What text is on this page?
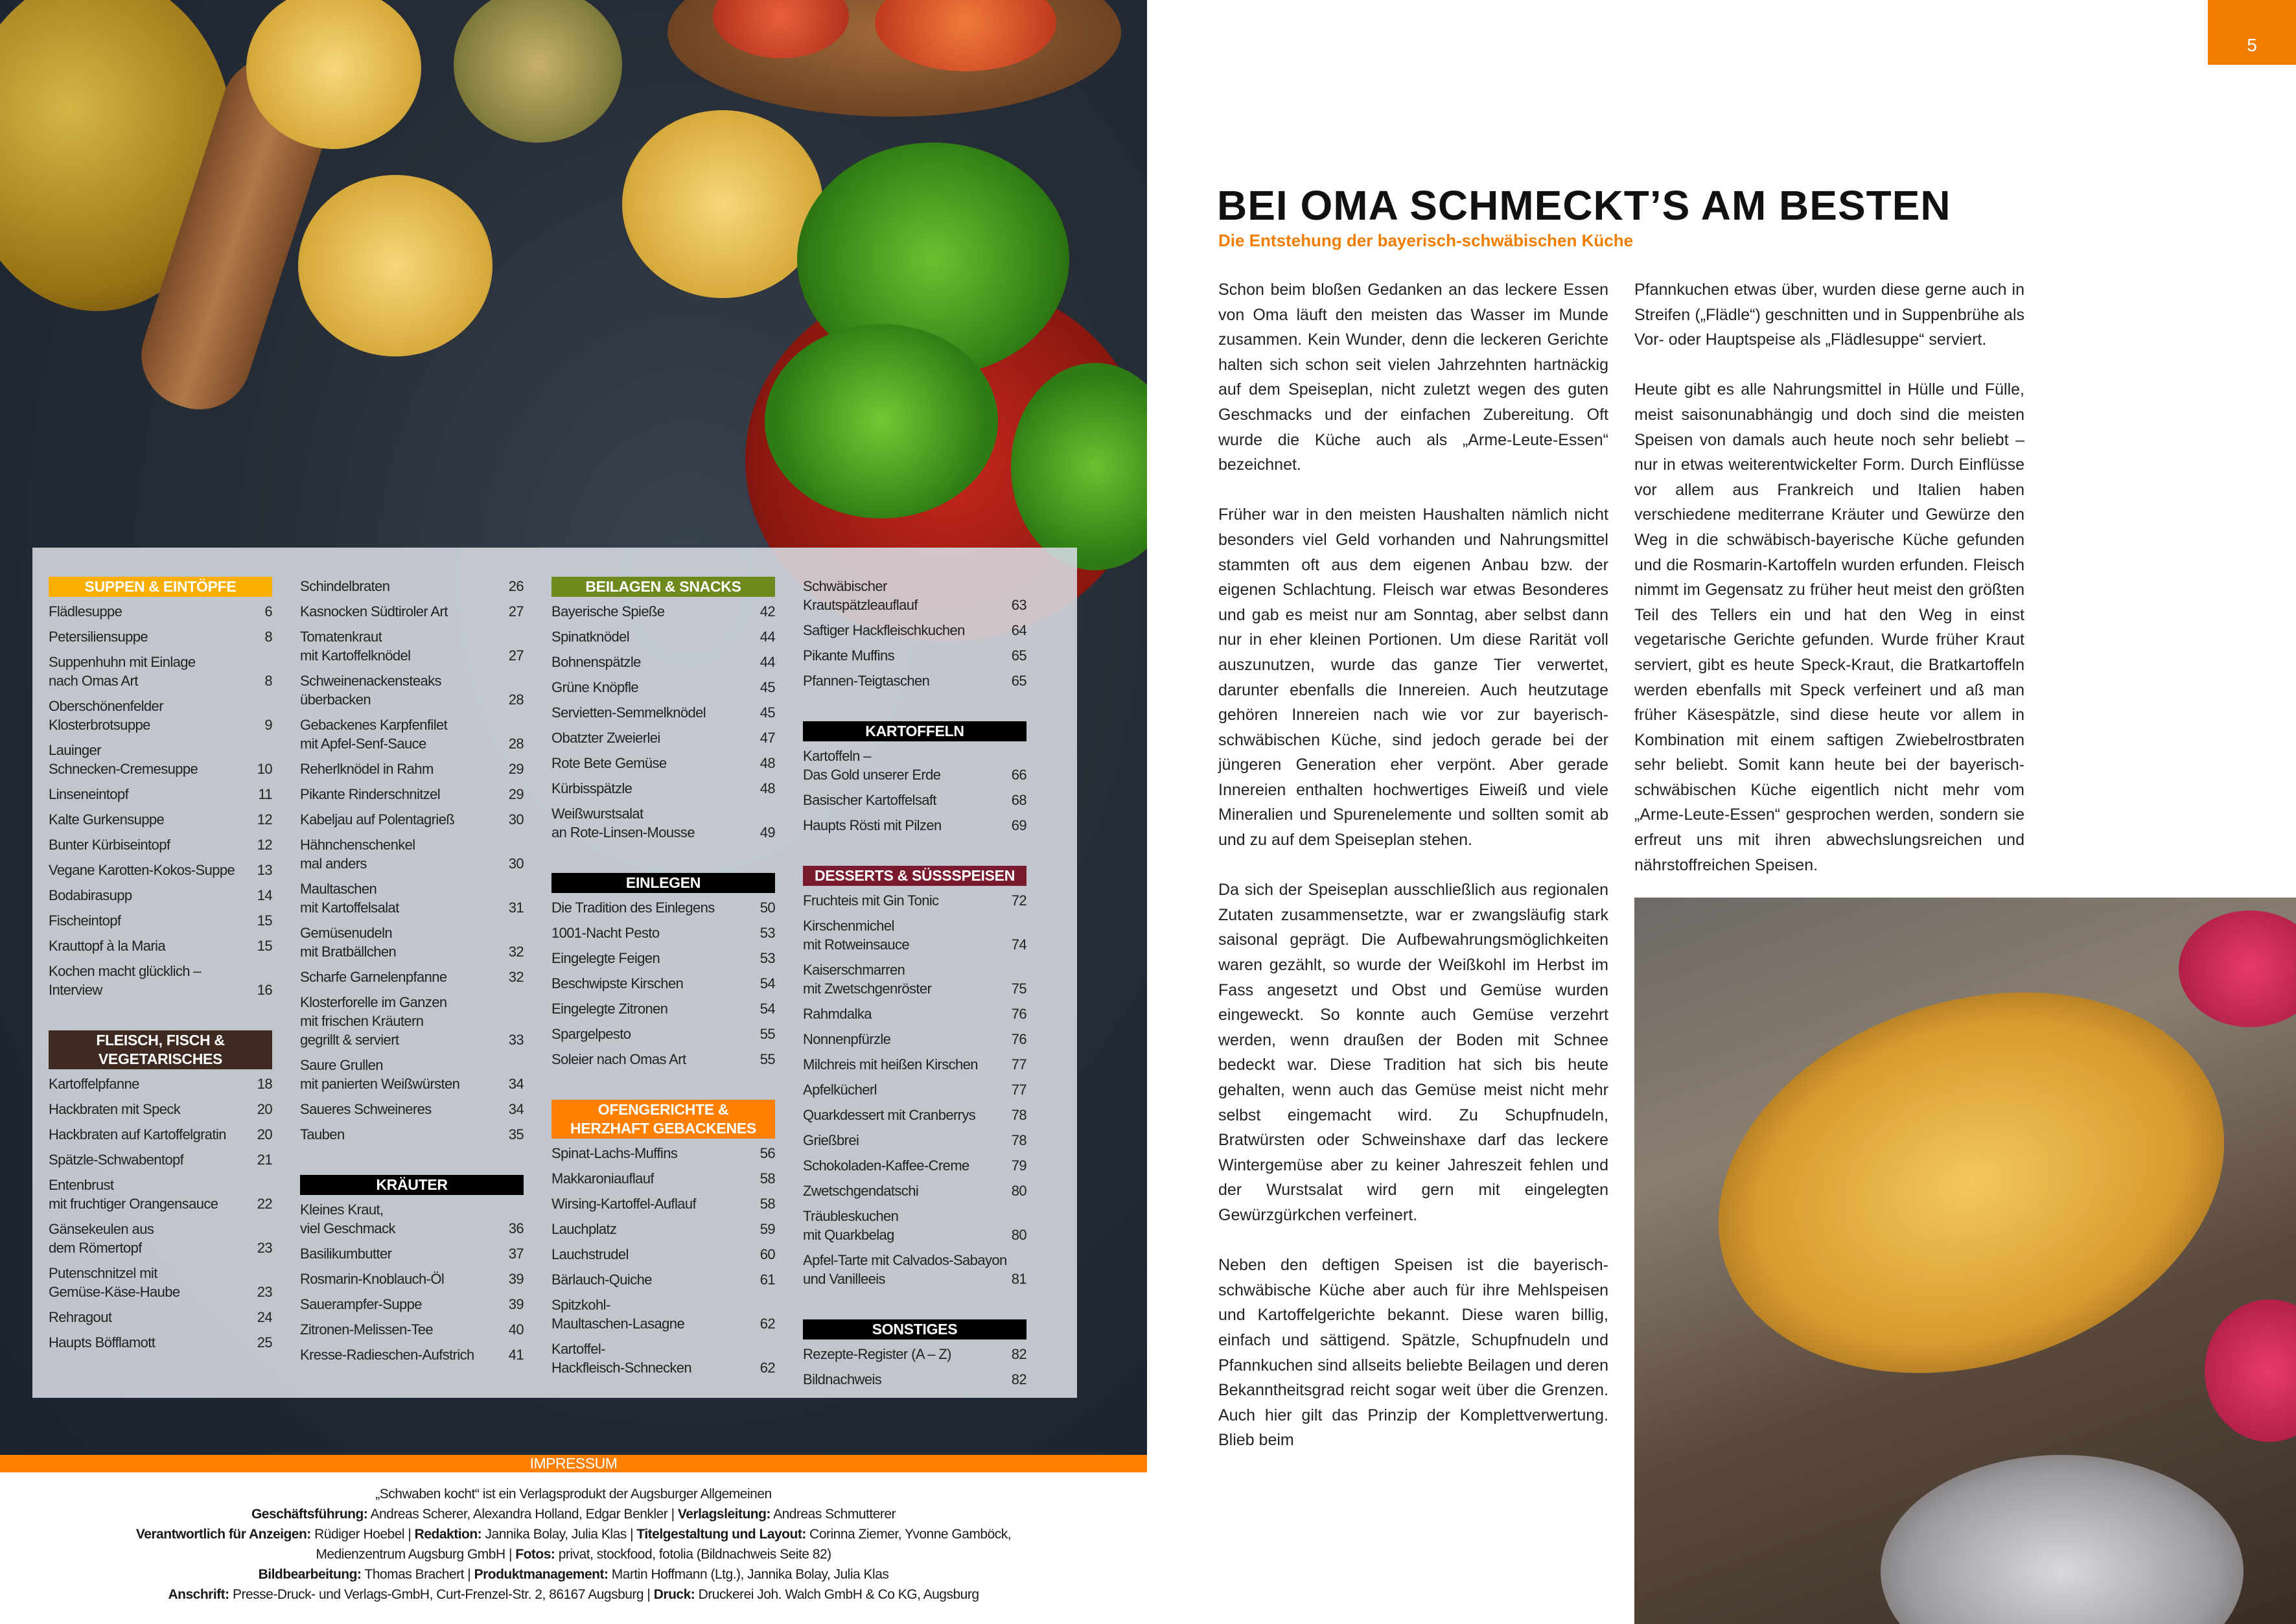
SUPPEN & EINTÖPFE
Flädlesuppe	6
Petersiliensuppe	8
Suppenhuhn mit Einlage
nach Omas Art	8
Oberschönenfelder
Klosterbrotsuppe	9
Lauinger
Schnecken-Cremesuppe	10
Linseneintopf	11
Kalte Gurkensuppe	12
Bunter Kürbiseintopf	12
Vegane Karotten-Kokos-Suppe 13
Bodabirasupp	14
Fischeintopf	15
Krauttopf à la Maria	15
Kochen macht glücklich –
Interview	16
FLEISCH, FISCH &
VEGETARISCHES
Kartoffelpfanne	18
Hackbraten mit Speck	20
Hackbraten auf Kartoffelgratin 20
Spätzle-Schwabentopf	21
Entenbrust
mit fruchtiger Orangensauce	22
Gänsekeulen aus
dem Römertopf	23
Putenschnitzel mit
Gemüse-Käse-Haube	23
Rehragout	24
Haupts Böfflamott	25
Schindelbraten	26
Kasnocken Südtiroler Art	27
Tomatenkraut
mit Kartoffelknödel	27
Schweinenackensteaks
überbacken	28
Gebackenes Karpfenfilet
mit Apfel-Senf-Sauce	28
Reherlknödel in Rahm	29
Pikante Rinderschnitzel	29
Kabeljau auf Polentagrieß	30
Hähnchenschenkel
mal anders	30
Maultaschen
mit Kartoffelsalat	31
Gemüsenudeln
mit Bratbällchen	32
Scharfe Garnelenpfanne	32
Klosterforelle im Ganzen
mit frischen Kräutern
gegrillt & serviert	33
Saure Grullen
mit panierten Weißwürsten	34
Saueres Schweineres	34
Tauben	35
KRÄUTER
Kleines Kraut,
viel Geschmack	36
Basilikumbutter	37
Rosmarin-Knoblauch-Öl	39
Sauerampfer-Suppe	39
Zitronen-Melissen-Tee	40
Kresse-Radieschen-Aufstrich 41
BEILAGEN & SNACKS
Bayerische Spieße	42
Spinatknödel	44
Bohnenspätzle	44
Grüne Knöpfle	45
Servietten-Semmelknödel	45
Obatzter Zweierlei	47
Rote Bete Gemüse	48
Kürbisspätzle	48
Weißwurstsalat
an Rote-Linsen-Mousse	49
EINLEGEN
Die Tradition des Einlegens	50
1001-Nacht Pesto	53
Eingelegte Feigen	53
Beschwipste Kirschen	54
Eingelegte Zitronen	54
Spargelpesto	55
Soleier nach Omas Art	55
OFENGERICHTE &
HERZHAFT GEBACKENES
Spinat-Lachs-Muffins	56
Makkaroniauflauf	58
Wirsing-Kartoffel-Auflauf	58
Lauchplatz	59
Lauchstrudel	60
Bärlauch-Quiche	61
Spitzkohl-
Maultaschen-Lasagne	62
Kartoffel-
Hackfleisch-Schnecken	62
Schwäbischer
Krautspätzleauflauf	63
Saftiger Hackfleischkuchen	64
Pikante Muffins	65
Pfannen-Teigtaschen	65
KARTOFFELN
Kartoffeln –
Das Gold unserer Erde	66
Basischer Kartoffelsaft	68
Haupts Rösti mit Pilzen	69
DESSERTS & SÜSSSPEISEN
Fruchteis mit Gin Tonic	72
Kirschenmichel
mit Rotweinsauce	74
Kaiserschmarren
mit Zwetschgenröster	75
Rahmdalka	76
Nonnenpfürzle	76
Milchreis mit heißen Kirschen 77
Apfelkücherl	77
Quarkdessert mit Cranberrys	78
Grießbrei	78
Schokoladen-Kaffee-Creme	79
Zwetschgendatschi	80
Träubleskuchen
mit Quarkbelag	80
Apfel-Tarte mit Calvados-Sabayon
und Vanilleeis	81
SONSTIGES
Rezepte-Register (A – Z)	82
Bildnachweis	82
IMPRESSUM
„Schwaben kocht“ ist ein Verlagsprodukt der Augsburger Allgemeinen
Geschäftsführung: Andreas Scherer, Alexandra Holland, Edgar Benkler | Verlagsleitung: Andreas Schmutterer
Verantwortlich für Anzeigen: Rüdiger Hoebel | Redaktion: Jannika Bolay, Julia Klas | Titelgestaltung und Layout: Corinna Ziemer, Yvonne Gamböck,
Medienzentrum Augsburg GmbH | Fotos: privat, stockfood, fotolia (Bildnachweis Seite 82)
Bildbearbeitung: Thomas Brachert | Produktmanagement: Martin Hoffmann (Ltg.), Jannika Bolay, Julia Klas
Anschrift: Presse-Druck- und Verlags-GmbH, Curt-Frenzel-Str. 2, 86167 Augsburg | Druck: Druckerei Joh. Walch GmbH & Co KG, Augsburg
5
BEI OMA SCHMECKT’S AM BESTEN
Die Entstehung der bayerisch-schwäbischen Küche

Schon beim bloßen Gedanken an das leckere Essen von Oma läuft den meisten das Wasser im Munde zusammen. Kein Wunder, denn die leckeren Gerichte halten sich schon seit vielen Jahrzehnten hartnäckig auf dem Speiseplan, nicht zuletzt wegen des guten Geschmacks und der einfachen Zubereitung. Oft wurde die Küche auch als „Arme-Leute-Essen“ bezeichnet.

Früher war in den meisten Haushalten nämlich nicht besonders viel Geld vorhanden und Nahrungsmittel stammten oft aus dem eigenen Anbau bzw. der eigenen Schlachtung. Fleisch war etwas Besonderes und gab es meist nur am Sonntag, aber selbst dann nur in eher kleinen Portionen. Um diese Rarität voll auszunutzen, wurde das ganze Tier verwertet, darunter ebenfalls die Innereien. Auch heutzutage gehören Innereien nach wie vor zur bayerisch-schwäbischen Küche, sind jedoch gerade bei der jüngeren Generation eher verpönt. Aber gerade Innereien enthalten hochwertiges Eiweiß und viele Mineralien und Spurenelemente und sollten somit ab und zu auf dem Speiseplan stehen.

Da sich der Speiseplan ausschließlich aus regionalen Zutaten zusammensetzte, war er zwangsläufig stark saisonal geprägt. Die Aufbewahrungsmöglichkeiten waren gezählt, so wurde der Weißkohl im Herbst im Fass angesetzt und Obst und Gemüse wurden eingeweckt. So konnte auch Gemüse verzehrt werden, wenn draußen der Boden mit Schnee bedeckt war. Diese Tradition hat sich bis heute gehalten, wenn auch das Gemüse meist nicht mehr selbst eingemacht wird. Zu Schupfnudeln, Bratwürsten oder Schweinshaxe darf das leckere Wintergemüse aber zu keiner Jahreszeit fehlen und der Wurstsalat wird gern mit eingelegten Gewürzgürkchen verfeinert.

Neben den deftigen Speisen ist die bayerisch-schwäbische Küche aber auch für ihre Mehlspeisen und Kartoffelgerichte bekannt. Diese waren billig, einfach und sättigend. Spätzle, Schupfnudeln und Pfannkuchen sind allseits beliebte Beilagen und deren Bekanntheitsgrad reicht sogar weit über die Grenzen. Auch hier gilt das Prinzip der Komplettverwertung. Blieb beim

Pfannkuchen etwas über, wurden diese gerne auch in Streifen („Flädle“) geschnitten und in Suppenbrühe als Vor- oder Hauptspeise als „Flädlesuppe“ serviert.

Heute gibt es alle Nahrungsmittel in Hülle und Fülle, meist saisonunabhängig und doch sind die meisten Speisen von damals auch heute noch sehr beliebt – nur in etwas weiterentwickelter Form. Durch Einflüsse vor allem aus Frankreich und Italien haben verschiedene mediterrane Kräuter und Gewürze den Weg in die schwäbisch-bayerische Küche gefunden und die Rosmarin-Kartoffeln wurden erfunden. Fleisch nimmt im Gegensatz zu früher heut meist den größten Teil des Tellers ein und hat den Weg in einst vegetarische Gerichte gefunden. Wurde früher Kraut serviert, gibt es heute Speck-Kraut, die Bratkartoffeln werden ebenfalls mit Speck verfeinert und aß man früher Käsespätzle, sind diese heute vor allem in Kombination mit einem saftigen Zwiebelrostbraten sehr beliebt. Somit kann heute bei der bayerisch-schwäbischen Küche eigentlich nicht mehr vom „Arme-Leute-Essen“ gesprochen werden, sondern sie erfreut uns mit ihren abwechslungsreichen und nährstoffreichen Speisen.
